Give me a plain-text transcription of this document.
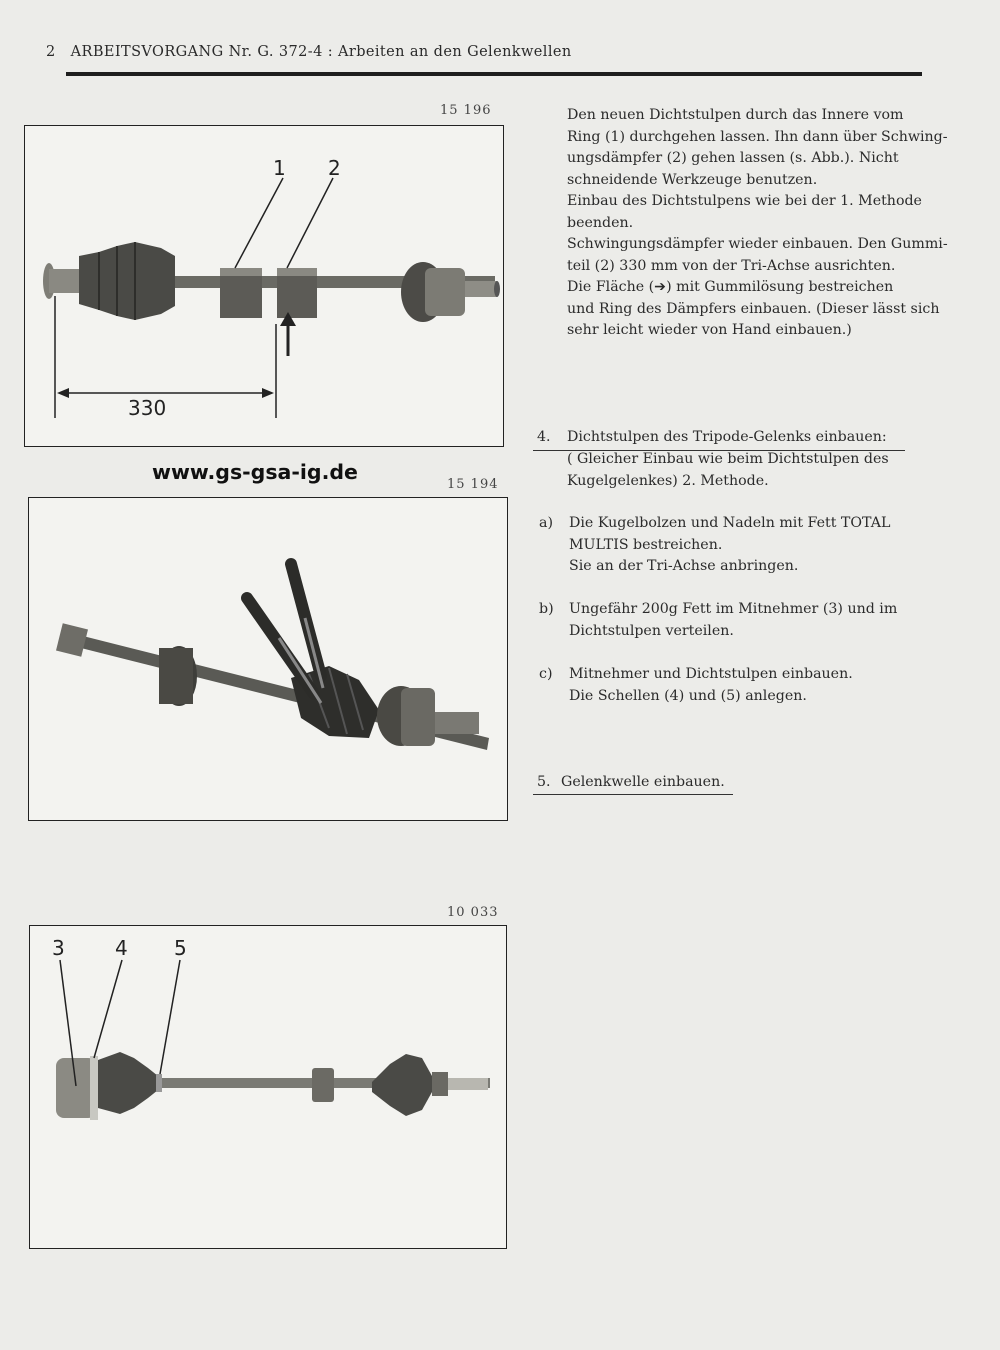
2 ARBEITSVORGANG Nr. G. 372-4 : Arbeiten an den Gelenkwellen
15 196
1 2
330
www.gs-gsa-ig.de
15 194
10 033
3	4 5
Den neuen Dichtstulpen durch das Innere vom
Ring (1) durchgehen lassen. Ihn dann über Schwing-
ungsdämpfer (2) gehen lassen (s. Abb.). Nicht
schneidende Werkzeuge benutzen.
Einbau des Dichtstulpens wie bei der 1. Methode
beenden.
Schwingungsdämpfer wieder einbauen. Den Gummi-
teil (2) 330 mm von der Tri-Achse ausrichten.
Die Fläche (➔) mit Gummilösung bestreichen
und Ring des Dämpfers einbauen. (Dieser lässt sich
sehr leicht wieder von Hand einbauen.)
4. Dichtstulpen des Tripode-Gelenks einbauen:
( Gleicher Einbau wie beim Dichtstulpen des
Kugelgelenkes) 2. Methode.
a) Die Kugelbolzen und Nadeln mit Fett TOTAL
MULTIS bestreichen.
Sie an der Tri-Achse anbringen.
b) Ungefähr 200g Fett im Mitnehmer (3) und im
Dichtstulpen verteilen.
c) Mitnehmer und Dichtstulpen einbauen.
Die Schellen (4) und (5) anlegen.
5. Gelenkwelle einbauen.
